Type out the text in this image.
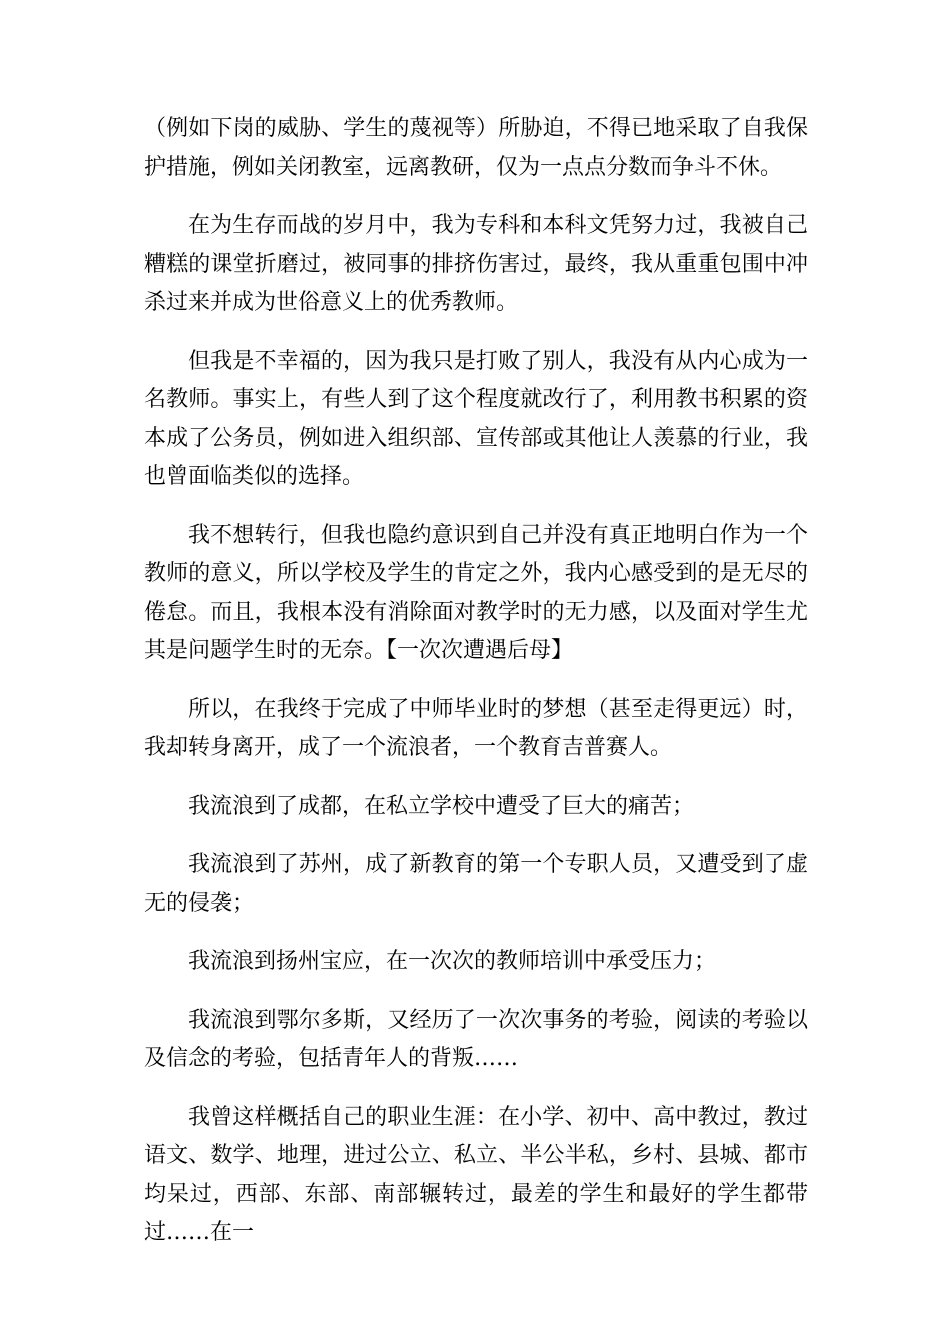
（例如下岗的威胁、学生的蔑视等）所胁迫，不得已地采取了自我保护措施，例如关闭教室，远离教研，仅为一点点分数而争斗不休。

在为生存而战的岁月中，我为专科和本科文凭努力过，我被自己糟糕的课堂折磨过，被同事的排挤伤害过，最终，我从重重包围中冲杀过来并成为世俗意义上的优秀教师。

但我是不幸福的，因为我只是打败了别人，我没有从内心成为一名教师。事实上，有些人到了这个程度就改行了，利用教书积累的资本成了公务员，例如进入组织部、宣传部或其他让人羡慕的行业，我也曾面临类似的选择。

我不想转行，但我也隐约意识到自己并没有真正地明白作为一个教师的意义，所以学校及学生的肯定之外，我内心感受到的是无尽的倦怠。而且，我根本没有消除面对教学时的无力感，以及面对学生尤其是问题学生时的无奈。【一次次遭遇后母】

所以，在我终于完成了中师毕业时的梦想（甚至走得更远）时，我却转身离开，成了一个流浪者，一个教育吉普赛人。

我流浪到了成都，在私立学校中遭受了巨大的痛苦；

我流浪到了苏州，成了新教育的第一个专职人员，又遭受到了虚无的侵袭；

我流浪到扬州宝应，在一次次的教师培训中承受压力；

我流浪到鄂尔多斯，又经历了一次次事务的考验，阅读的考验以及信念的考验，包括青年人的背叛……

我曾这样概括自己的职业生涯：在小学、初中、高中教过，教过语文、数学、地理，进过公立、私立、半公半私，乡村、县城、都市均呆过，西部、东部、南部辗转过，最差的学生和最好的学生都带过……在一
